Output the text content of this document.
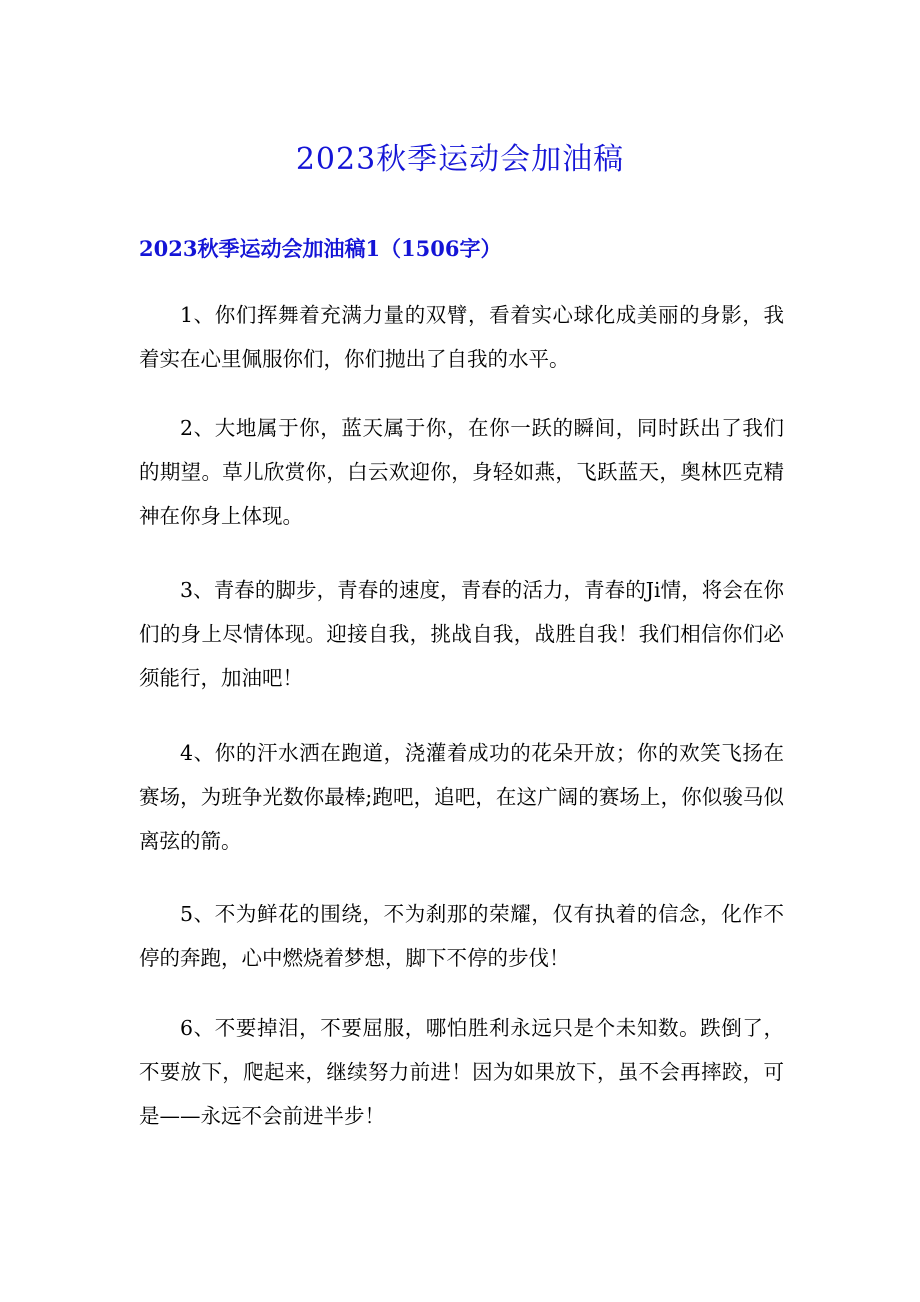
2023秋季运动会加油稿
2023秋季运动会加油稿1（1506字）

1、你们挥舞着充满力量的双臂，看着实心球化成美丽的身影，我着实在心里佩服你们，你们抛出了自我的水平。

2、大地属于你，蓝天属于你，在你一跃的瞬间，同时跃出了我们的期望。草儿欣赏你，白云欢迎你，身轻如燕，飞跃蓝天，奥林匹克精神在你身上体现。

3、青春的脚步，青春的速度，青春的活力，青春的Ji情，将会在你们的身上尽情体现。迎接自我，挑战自我，战胜自我！我们相信你们必须能行，加油吧！

4、你的汗水洒在跑道，浇灌着成功的花朵开放；你的欢笑飞扬在赛场，为班争光数你最棒;跑吧，追吧，在这广阔的赛场上，你似骏马似离弦的箭。

5、不为鲜花的围绕，不为刹那的荣耀，仅有执着的信念，化作不停的奔跑，心中燃烧着梦想，脚下不停的步伐！

6、不要掉泪，不要屈服，哪怕胜利永远只是个未知数。跌倒了，不要放下，爬起来，继续努力前进！因为如果放下，虽不会再摔跤，可是——永远不会前进半步！
